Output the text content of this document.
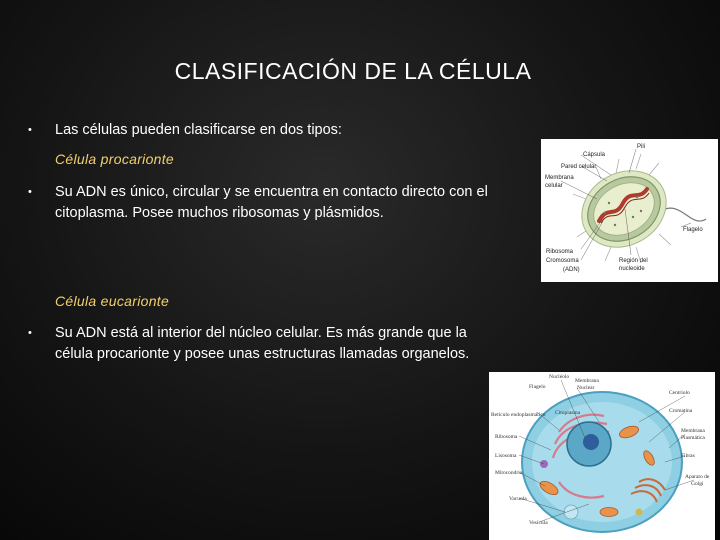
CLASIFICACIÓN DE LA CÉLULA
• Las células pueden clasificarse en dos tipos:
Célula procarionte
• Su ADN es único, circular y se encuentra en contacto directo con el
citoplasma. Posee muchos ribosomas y plásmidos.
Célula eucarionte
• Su ADN está al interior del núcleo celular. Es más grande que la
célula procarionte y posee unas estructuras llamadas organelos.
Pili
Cápsula
Pared celular
Membrana
celular
Flagelo
Ribosoma
Cromosoma
(ADN)
Región del
nucleoide
Nucléolo
Membrana
Nuclear
Flagelo
Retículo endoplasmático Citoplasma
Ribosoma
Lisosoma
Mitocondria
Vacuola
Vesícula
Centriolo
Cromatina
Membrana
Plasmática
Fibras
Aparato de
Golgi
